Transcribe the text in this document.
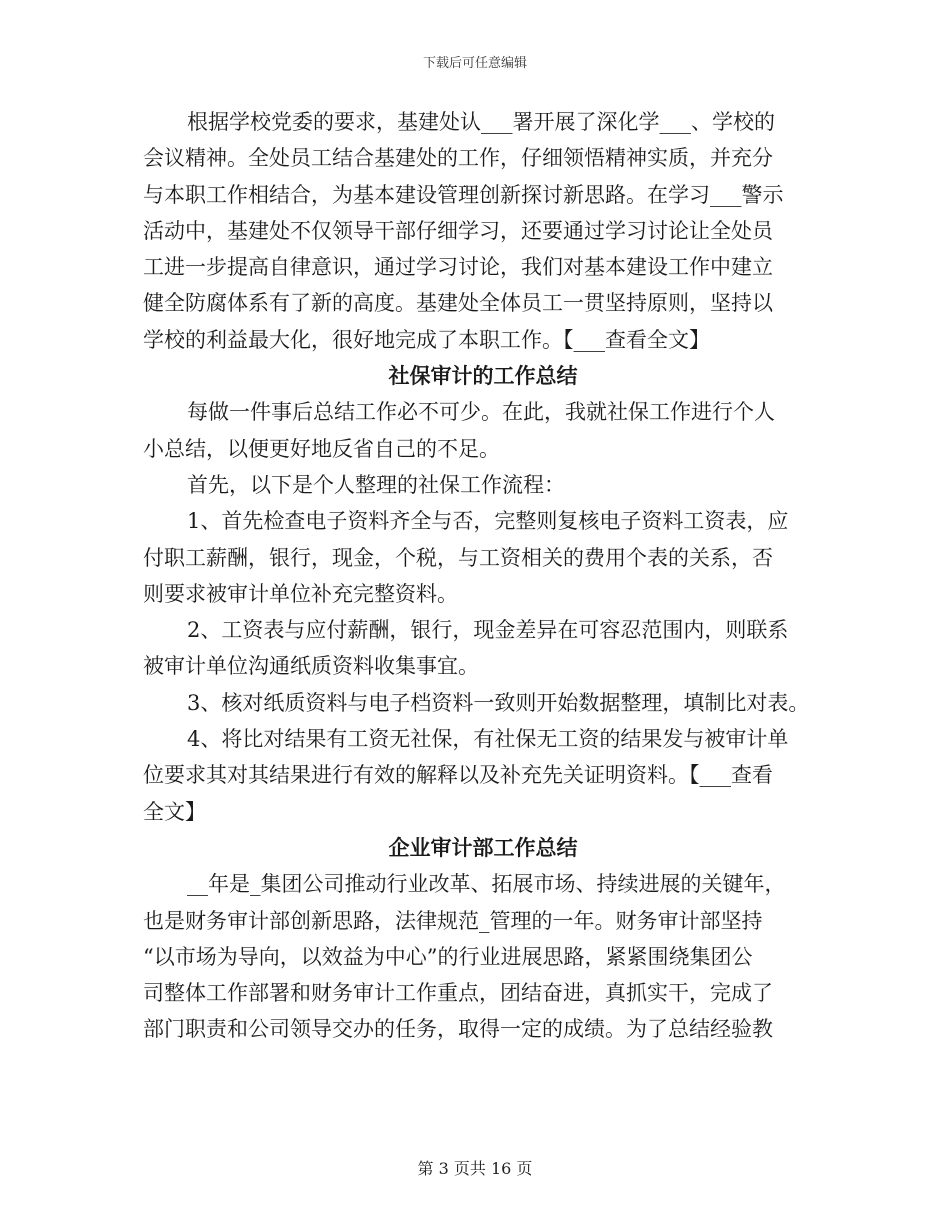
下载后可任意编辑
根据学校党委的要求，基建处认___署开展了深化学___、学校的
会议精神。全处员工结合基建处的工作，仔细领悟精神实质，并充分
与本职工作相结合，为基本建设管理创新探讨新思路。在学习___警示
活动中，基建处不仅领导干部仔细学习，还要通过学习讨论让全处员
工进一步提高自律意识，通过学习讨论，我们对基本建设工作中建立
健全防腐体系有了新的高度。基建处全体员工一贯坚持原则，坚持以
学校的利益最大化，很好地完成了本职工作。【___查看全文】
社保审计的工作总结
每做一件事后总结工作必不可少。在此，我就社保工作进行个人
小总结，以便更好地反省自己的不足。
首先，以下是个人整理的社保工作流程：
1、首先检查电子资料齐全与否，完整则复核电子资料工资表，应
付职工薪酬，银行，现金，个税，与工资相关的费用个表的关系，否
则要求被审计单位补充完整资料。
2、工资表与应付薪酬，银行，现金差异在可容忍范围内，则联系
被审计单位沟通纸质资料收集事宜。
3、核对纸质资料与电子档资料一致则开始数据整理，填制比对表。
4、将比对结果有工资无社保，有社保无工资的结果发与被审计单
位要求其对其结果进行有效的解释以及补充先关证明资料。【___查看
全文】
企业审计部工作总结
__年是_集团公司推动行业改革、拓展市场、持续进展的关键年，
也是财务审计部创新思路，法律规范_管理的一年。财务审计部坚持
“以市场为导向，以效益为中心”的行业进展思路，紧紧围绕集团公
司整体工作部署和财务审计工作重点，团结奋进，真抓实干，完成了
部门职责和公司领导交办的任务，取得一定的成绩。为了总结经验教
第 3 页共 16 页
